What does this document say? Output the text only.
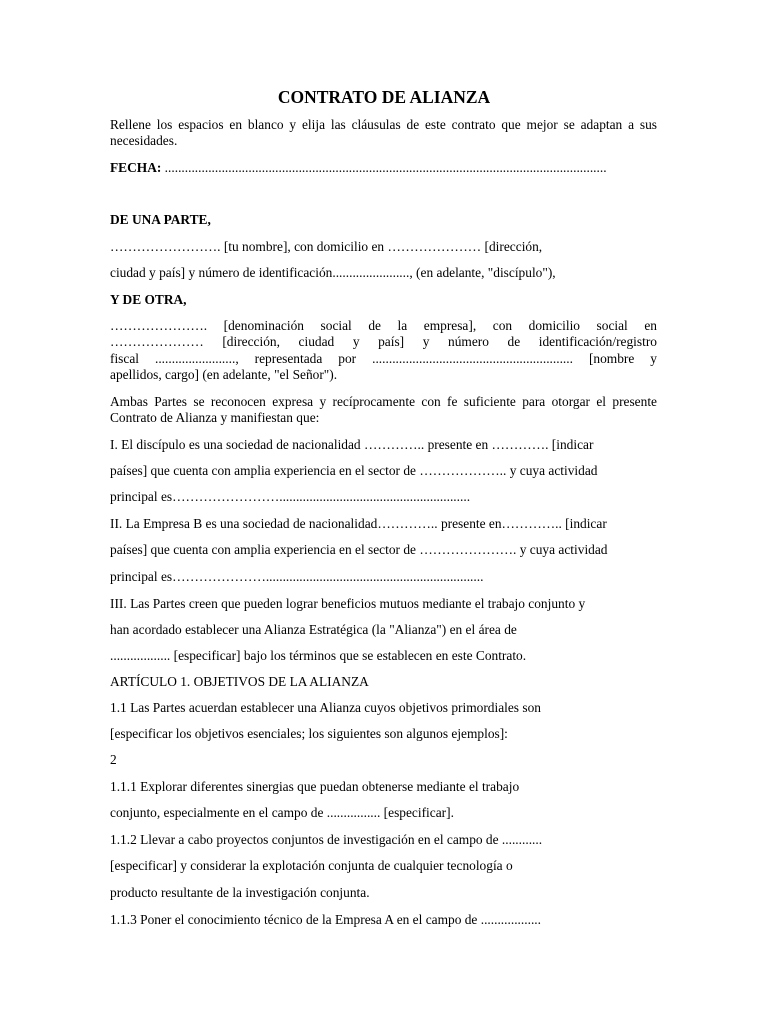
CONTRATO DE ALIANZA
Rellene los espacios en blanco y elija las cláusulas de este contrato que mejor se adaptan a sus
necesidades.
FECHA: ....................................................................................................................................
DE UNA PARTE,
……………………. [tu nombre], con domicilio en ………………… [dirección,
ciudad y país] y número de identificación......................., (en adelante, "discípulo"),
Y DE OTRA,
…………………. [denominación social de la empresa], con domicilio social en
………………… [dirección, ciudad y país] y número de identificación/registro
fiscal ........................, representada por ............................................................ [nombre y
apellidos, cargo] (en adelante, "el Señor").
Ambas Partes se reconocen expresa y recíprocamente con fe suficiente para otorgar el presente
Contrato de Alianza y manifiestan que:
I. El discípulo es una sociedad de nacionalidad ………….. presente en …………. [indicar
países] que cuenta con amplia experiencia en el sector de ……………….. y cuya actividad
principal es…………………….........................................................
II. La Empresa B es una sociedad de nacionalidad………….. presente en………….. [indicar
países] que cuenta con amplia experiencia en el sector de …………………. y cuya actividad
principal es………………….................................................................
III. Las Partes creen que pueden lograr beneficios mutuos mediante el trabajo conjunto y
han acordado establecer una Alianza Estratégica (la "Alianza") en el área de
.................. [especificar] bajo los términos que se establecen en este Contrato.
ARTÍCULO 1. OBJETIVOS DE LA ALIANZA
1.1 Las Partes acuerdan establecer una Alianza cuyos objetivos primordiales son
[especificar los objetivos esenciales; los siguientes son algunos ejemplos]:
2
1.1.1 Explorar diferentes sinergias que puedan obtenerse mediante el trabajo
conjunto, especialmente en el campo de ................ [especificar].
1.1.2 Llevar a cabo proyectos conjuntos de investigación en el campo de ............
[especificar] y considerar la explotación conjunta de cualquier tecnología o
producto resultante de la investigación conjunta.
1.1.3 Poner el conocimiento técnico de la Empresa A en el campo de ..................
